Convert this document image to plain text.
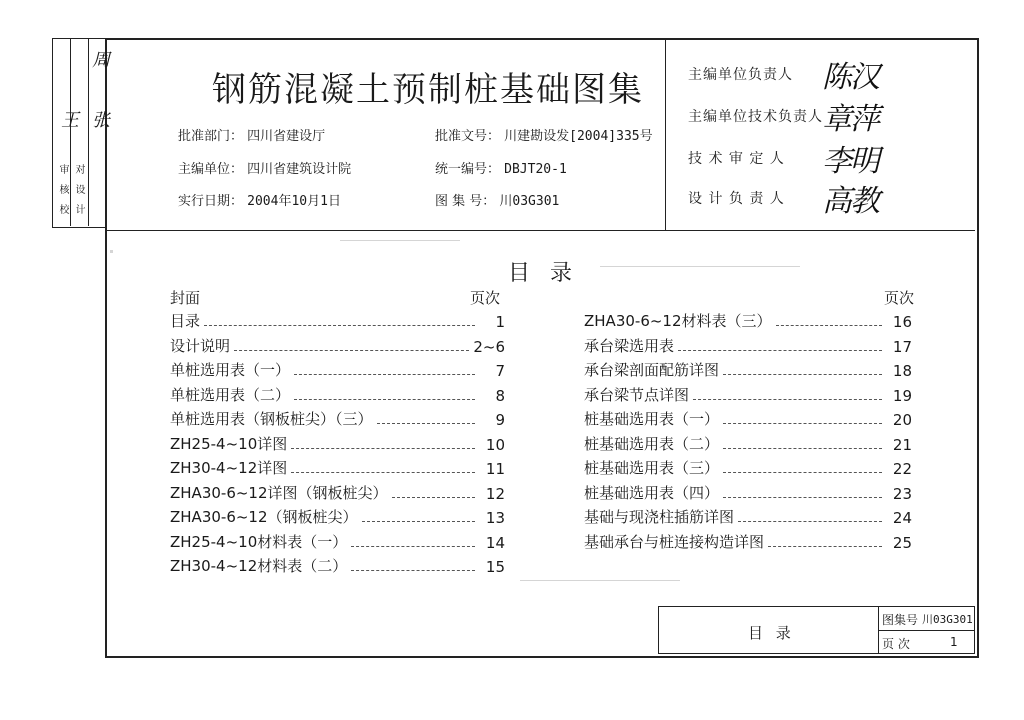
审
核
校
对
设
计
周
张
王
钢筋混凝土预制桩基础图集
批准部门： 四川省建设厅	批准文号： 川建勘设发[2004]335号
主编单位： 四川省建筑设计院	统一编号： DBJT20-1
实行日期： 2004年10月1日	图 集 号： 川03G301
主编单位负责人 陈汉
主编单位技术负责人 章萍
技 术 审 定 人 李明
设 计 负 责 人 高教
目录
封面	页次	页次
目录	1
设计说明	2~6
单桩选用表（一）	7
单桩选用表（二）	8
单桩选用表（钢板桩尖）（三）	9
ZH25-4~10详图	10
ZH30-4~12详图	11
ZHA30-6~12详图（钢板桩尖）	12
ZHA30-6~12（钢板桩尖）	13
ZH25-4~10材料表（一）	14
ZH30-4~12材料表（二）	15
ZHA30-6~12材料表（三）	16
承台梁选用表	17
承台梁剖面配筋详图	18
承台梁节点详图	19
桩基础选用表（一）	20
桩基础选用表（二）	21
桩基础选用表（三）	22
桩基础选用表（四）	23
基础与现浇柱插筋详图	24
基础承台与桩连接构造详图	25
目 录
图集号 川03G301
页 次	1
